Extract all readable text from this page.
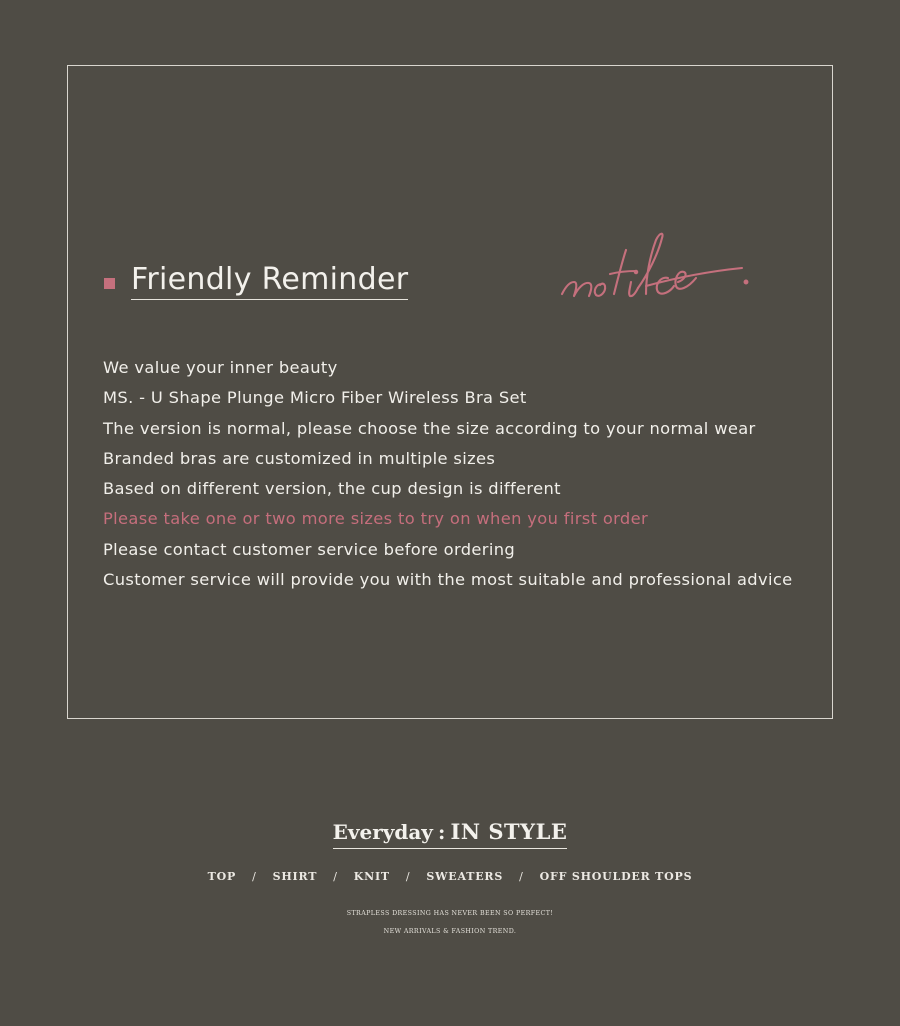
Friendly Reminder
We value your inner beauty
MS. - U Shape Plunge Micro Fiber Wireless Bra Set
The version is normal, please choose the size according to your normal wear
Branded bras are customized in multiple sizes
Based on different version, the cup design is different
Please take one or two more sizes to try on when you first order
Please contact customer service before ordering
Customer service will provide you with the most suitable and professional advice
Everyday : IN STYLE
TOP / SHIRT / KNIT / SWEATERS / OFF SHOULDER TOPS
STRAPLESS DRESSING HAS NEVER BEEN SO PERFECT!
NEW ARRIVALS & FASHION TREND.
